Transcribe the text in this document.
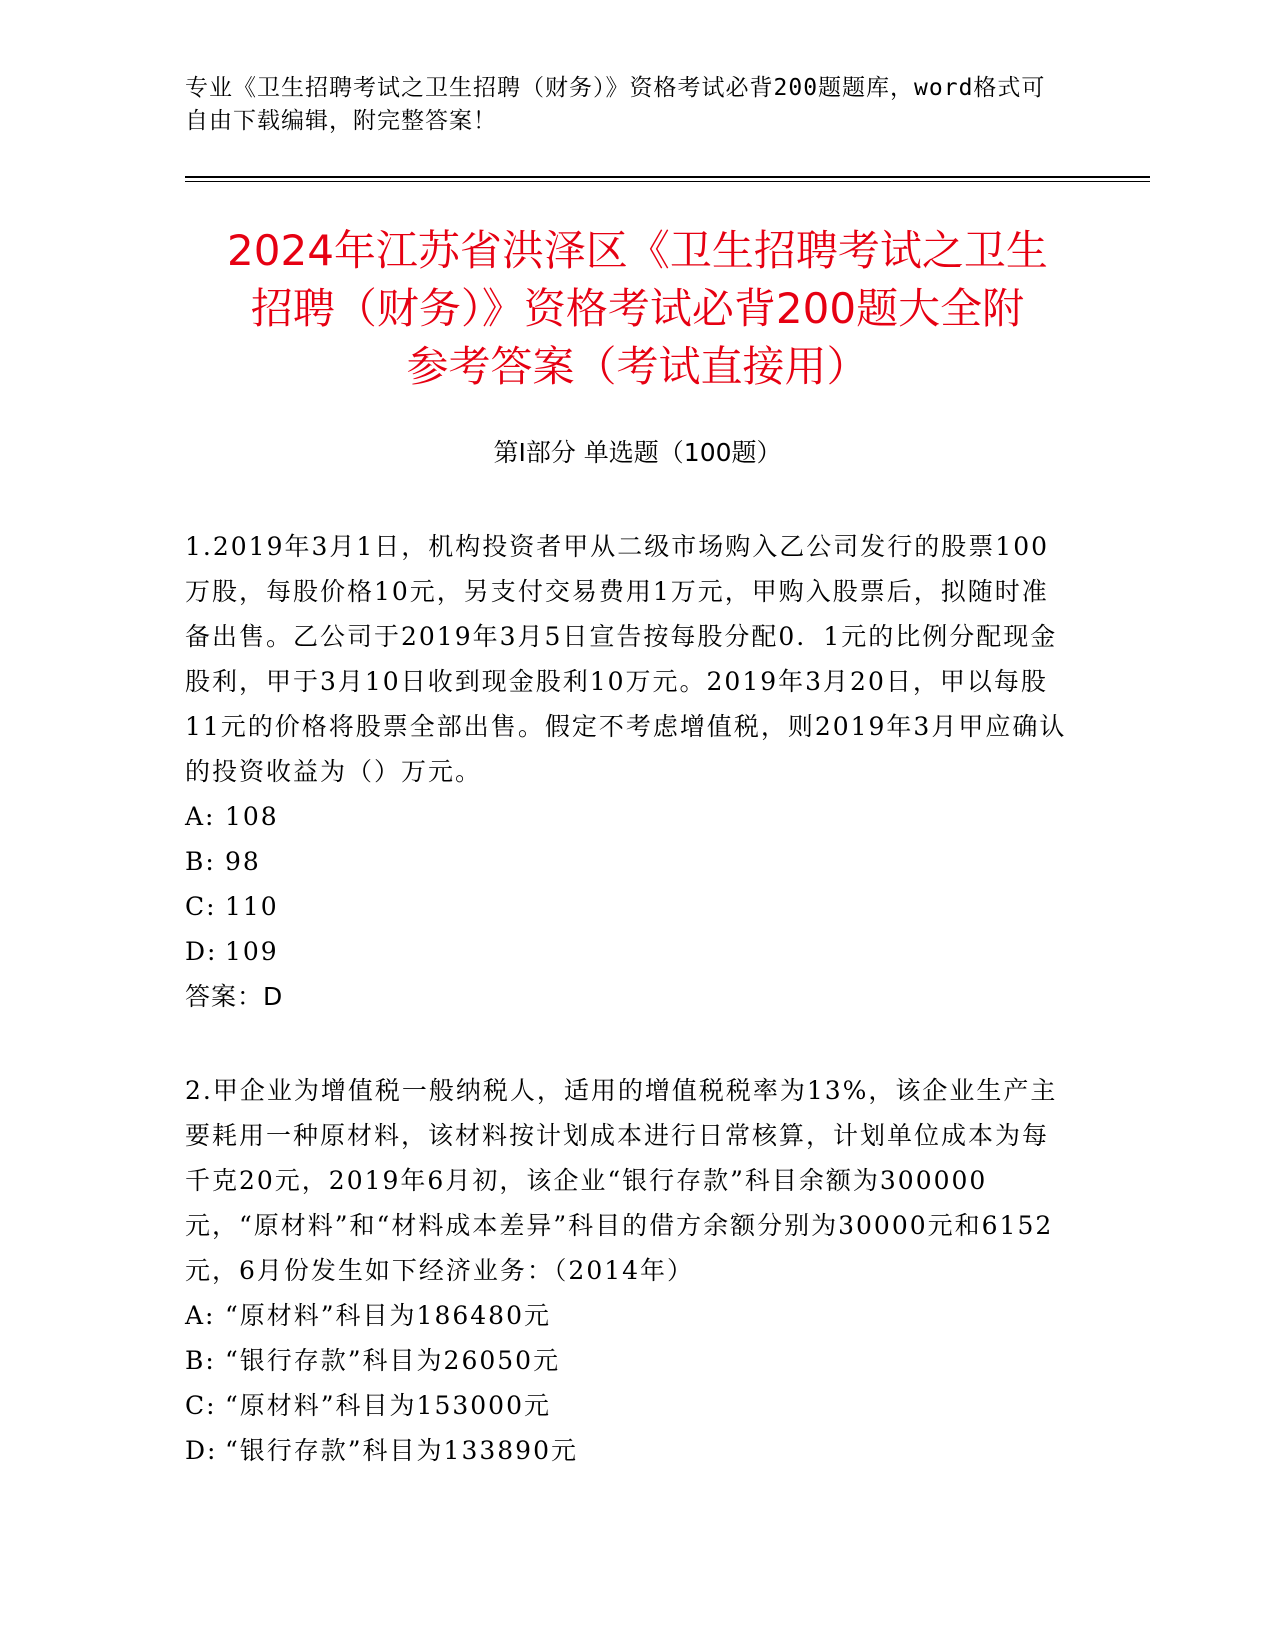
专业《卫生招聘考试之卫生招聘（财务）》资格考试必背200题题库，word格式可自由下载编辑，附完整答案！
2024年江苏省洪泽区《卫生招聘考试之卫生
招聘（财务）》资格考试必背200题大全附
参考答案（考试直接用）
第Ⅰ部分 单选题（100题）

1.2019年3月1日，机构投资者甲从二级市场购入乙公司发行的股票100万股，每股价格10元，另支付交易费用1万元，甲购入股票后，拟随时准备出售。乙公司于2019年3月5日宣告按每股分配0．1元的比例分配现金股利，甲于3月10日收到现金股利10万元。2019年3月20日，甲以每股11元的价格将股票全部出售。假定不考虑增值税，则2019年3月甲应确认的投资收益为（）万元。

A: 108

B: 98

C: 110

D: 109

答案：D

2.甲企业为增值税一般纳税人，适用的增值税税率为13%，该企业生产主要耗用一种原材料，该材料按计划成本进行日常核算，计划单位成本为每千克20元，2019年6月初，该企业“银行存款”科目余额为300000元，“原材料”和“材料成本差异”科目的借方余额分别为30000元和6152元，6月份发生如下经济业务：（2014年）

A: “原材料”科目为186480元

B: “银行存款”科目为26050元

C: “原材料”科目为153000元

D: “银行存款”科目为133890元
